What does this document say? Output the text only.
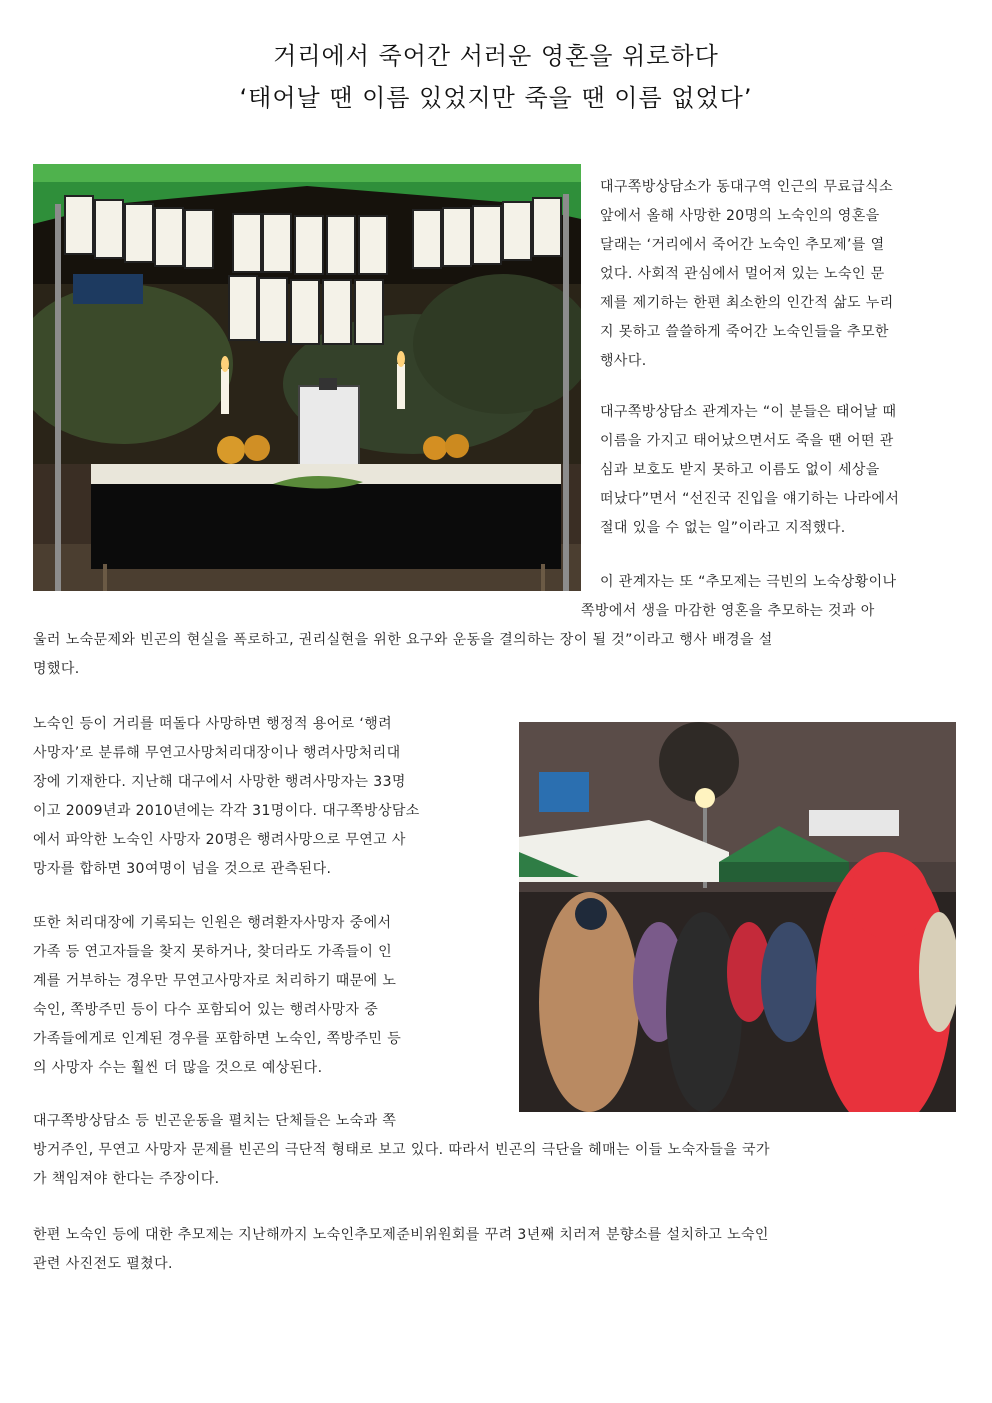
거리에서 죽어간 서러운 영혼을 위로하다
‘태어날 땐 이름 있었지만 죽을 땐 이름 없었다’
대구쪽방상담소가 동대구역 인근의 무료급식소
앞에서 올해 사망한 20명의 노숙인의 영혼을
달래는 ‘거리에서 죽어간 노숙인 추모제’를 열
었다. 사회적 관심에서 멀어져 있는 노숙인 문
제를 제기하는 한편 최소한의 인간적 삶도 누리
지 못하고 쓸쓸하게 죽어간 노숙인들을 추모한
행사다.
대구쪽방상담소 관계자는 “이 분들은 태어날 때
이름을 가지고 태어났으면서도 죽을 땐 어떤 관
심과 보호도 받지 못하고 이름도 없이 세상을
떠났다”면서 “선진국 진입을 얘기하는 나라에서
절대 있을 수 없는 일”이라고 지적했다.
이 관계자는 또 “추모제는 극빈의 노숙상황이나
쪽방에서 생을 마감한 영혼을 추모하는 것과 아
울러 노숙문제와 빈곤의 현실을 폭로하고, 권리실현을 위한 요구와 운동을 결의하는 장이 될 것”이라고 행사 배경을 설
명했다.
노숙인 등이 거리를 떠돌다 사망하면 행정적 용어로 ‘행려
사망자’로 분류해 무연고사망처리대장이나 행려사망처리대
장에 기재한다. 지난해 대구에서 사망한 행려사망자는 33명
이고 2009년과 2010년에는 각각 31명이다. 대구쪽방상담소
에서 파악한 노숙인 사망자 20명은 행려사망으로 무연고 사
망자를 합하면 30여명이 넘을 것으로 관측된다.
또한 처리대장에 기록되는 인원은 행려환자사망자 중에서
가족 등 연고자들을 찾지 못하거나, 찾더라도 가족들이 인
계를 거부하는 경우만 무연고사망자로 처리하기 때문에 노
숙인, 쪽방주민 등이 다수 포함되어 있는 행려사망자 중
가족들에게로 인계된 경우를 포함하면 노숙인, 쪽방주민 등
의 사망자 수는 훨씬 더 많을 것으로 예상된다.
대구쪽방상담소 등 빈곤운동을 펼치는 단체들은 노숙과 쪽
방거주인, 무연고 사망자 문제를 빈곤의 극단적 형태로 보고 있다. 따라서 빈곤의 극단을 헤매는 이들 노숙자들을 국가
가 책임져야 한다는 주장이다.
한편 노숙인 등에 대한 추모제는 지난해까지 노숙인추모제준비위원회를 꾸려 3년째 치러져 분향소를 설치하고 노숙인
관련 사진전도 펼쳤다.
